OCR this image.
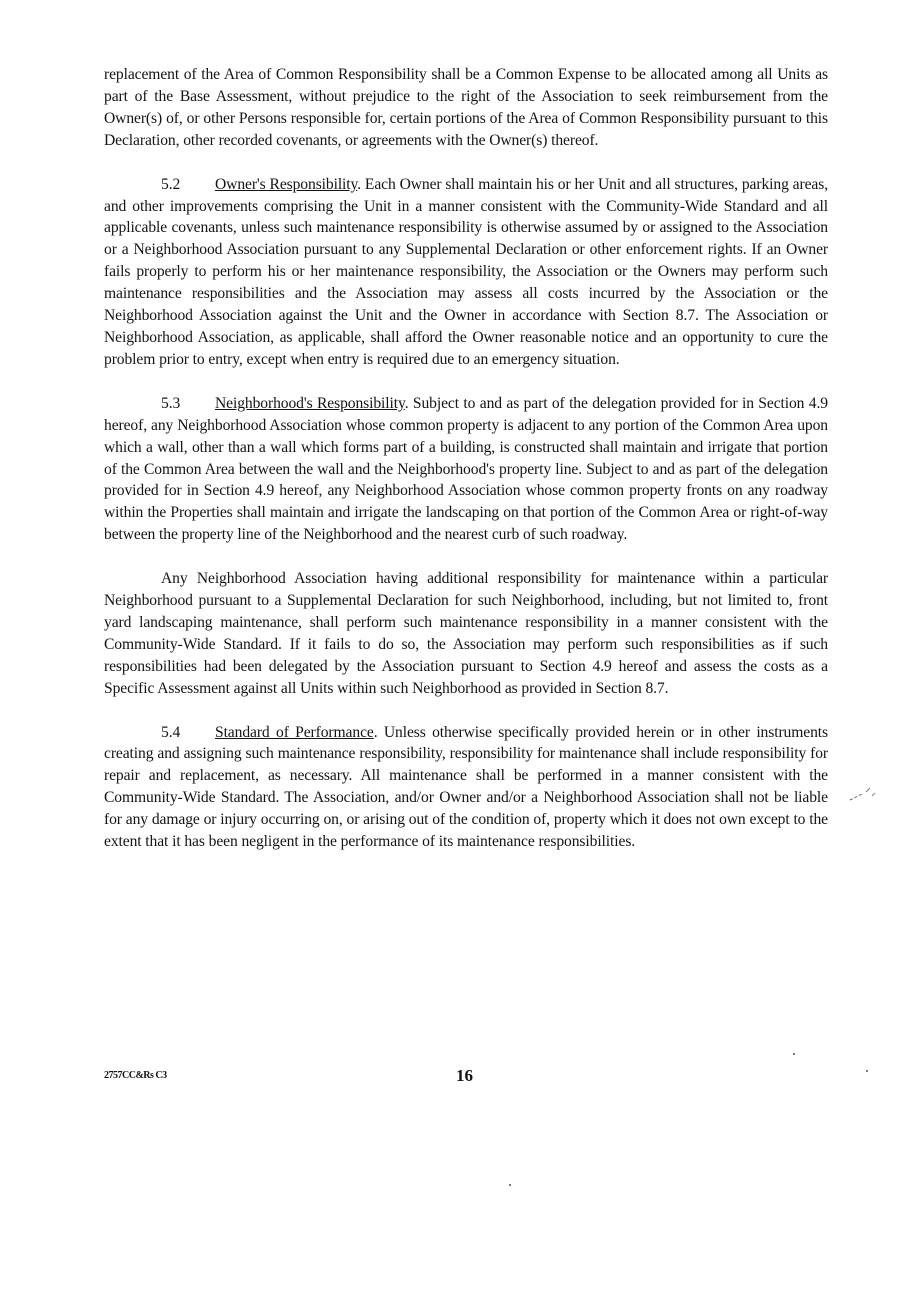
replacement of the Area of Common Responsibility shall be a Common Expense to be allocated among all Units as part of the Base Assessment, without prejudice to the right of the Association to seek reimbursement from the Owner(s) of, or other Persons responsible for, certain portions of the Area of Common Responsibility pursuant to this Declaration, other recorded covenants, or agreements with the Owner(s) thereof.

5.2 Owner's Responsibility. Each Owner shall maintain his or her Unit and all structures, parking areas, and other improvements comprising the Unit in a manner consistent with the Community-Wide Standard and all applicable covenants, unless such maintenance responsibility is otherwise assumed by or assigned to the Association or a Neighborhood Association pursuant to any Supplemental Declaration or other enforcement rights. If an Owner fails properly to perform his or her maintenance responsibility, the Association or the Owners may perform such maintenance responsibilities and the Association may assess all costs incurred by the Association or the Neighborhood Association against the Unit and the Owner in accordance with Section 8.7. The Association or Neighborhood Association, as applicable, shall afford the Owner reasonable notice and an opportunity to cure the problem prior to entry, except when entry is required due to an emergency situation.

5.3 Neighborhood's Responsibility. Subject to and as part of the delegation provided for in Section 4.9 hereof, any Neighborhood Association whose common property is adjacent to any portion of the Common Area upon which a wall, other than a wall which forms part of a building, is constructed shall maintain and irrigate that portion of the Common Area between the wall and the Neighborhood's property line. Subject to and as part of the delegation provided for in Section 4.9 hereof, any Neighborhood Association whose common property fronts on any roadway within the Properties shall maintain and irrigate the landscaping on that portion of the Common Area or right-of-way between the property line of the Neighborhood and the nearest curb of such roadway.

Any Neighborhood Association having additional responsibility for maintenance within a particular Neighborhood pursuant to a Supplemental Declaration for such Neighborhood, including, but not limited to, front yard landscaping maintenance, shall perform such maintenance responsibility in a manner consistent with the Community-Wide Standard. If it fails to do so, the Association may perform such responsibilities as if such responsibilities had been delegated by the Association pursuant to Section 4.9 hereof and assess the costs as a Specific Assessment against all Units within such Neighborhood as provided in Section 8.7.

5.4 Standard of Performance. Unless otherwise specifically provided herein or in other instruments creating and assigning such maintenance responsibility, responsibility for maintenance shall include responsibility for repair and replacement, as necessary. All maintenance shall be performed in a manner consistent with the Community-Wide Standard. The Association, and/or Owner and/or a Neighborhood Association shall not be liable for any damage or injury occurring on, or arising out of the condition of, property which it does not own except to the extent that it has been negligent in the performance of its maintenance responsibilities.

2757CC&Rs C3	16
